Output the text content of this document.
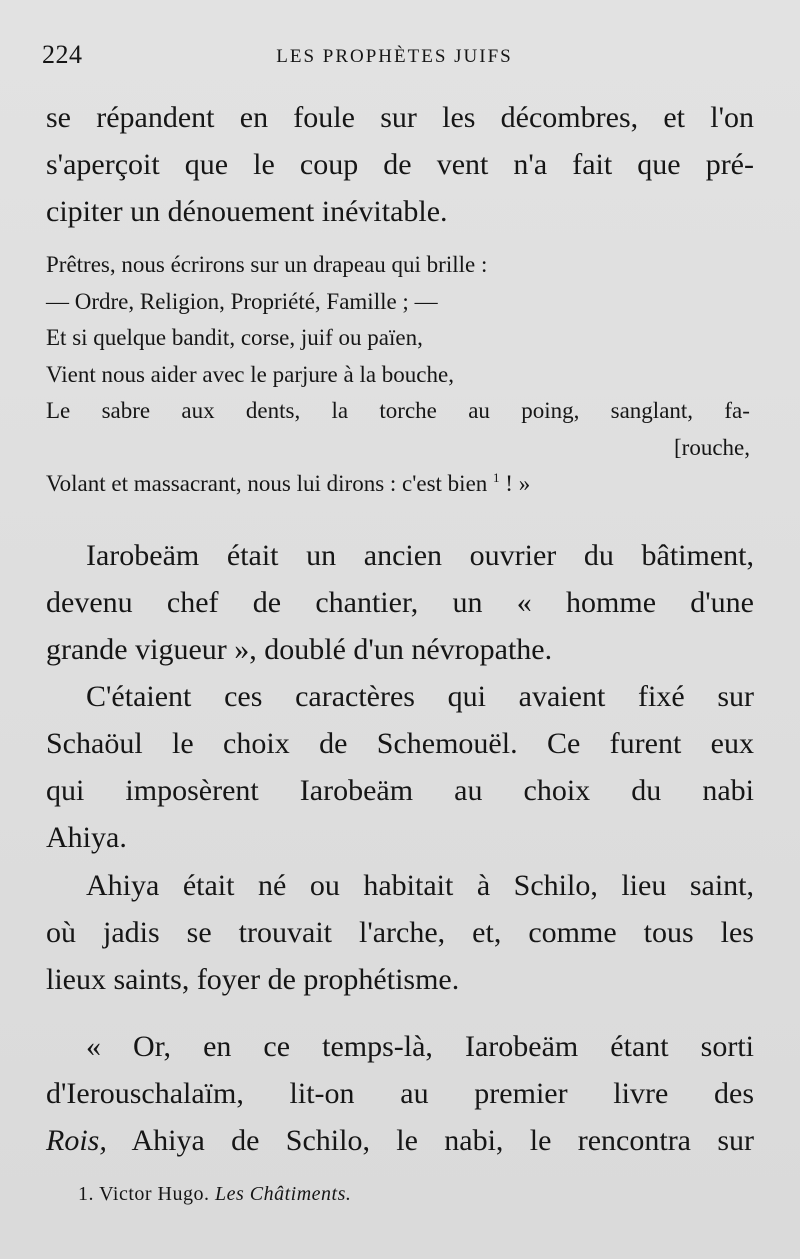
224	LES PROPHÈTES JUIFS
se répandent en foule sur les décombres, et l'on
s'aperçoit que le coup de vent n'a fait que pré-
cipiter un dénouement inévitable.
Prêtres, nous écrirons sur un drapeau qui brille :
— Ordre, Religion, Propriété, Famille ; —
Et si quelque bandit, corse, juif ou païen,
Vient nous aider avec le parjure à la bouche,
Le sabre aux dents, la torche au poing, sanglant, fa-
[rouche,
Volant et massacrant, nous lui dirons : c'est bien $^1$ ! »
Iarobeäm était un ancien ouvrier du bâtiment,
devenu chef de chantier, un « homme d'une
grande vigueur », doublé d'un névropathe.
C'étaient ces caractères qui avaient fixé sur
Schaöul le choix de Schemouël. Ce furent eux
qui imposèrent Iarobeäm au choix du nabi
Ahiya.
Ahiya était né ou habitait à Schilo, lieu saint,
où jadis se trouvait l'arche, et, comme tous les
lieux saints, foyer de prophétisme.
« Or, en ce temps-là, Iarobeäm étant sorti
d'Ierouschalaïm, lit-on au premier livre des
Rois, Ahiya de Schilo, le nabi, le rencontra sur
1. Victor Hugo. Les Châtiments.
